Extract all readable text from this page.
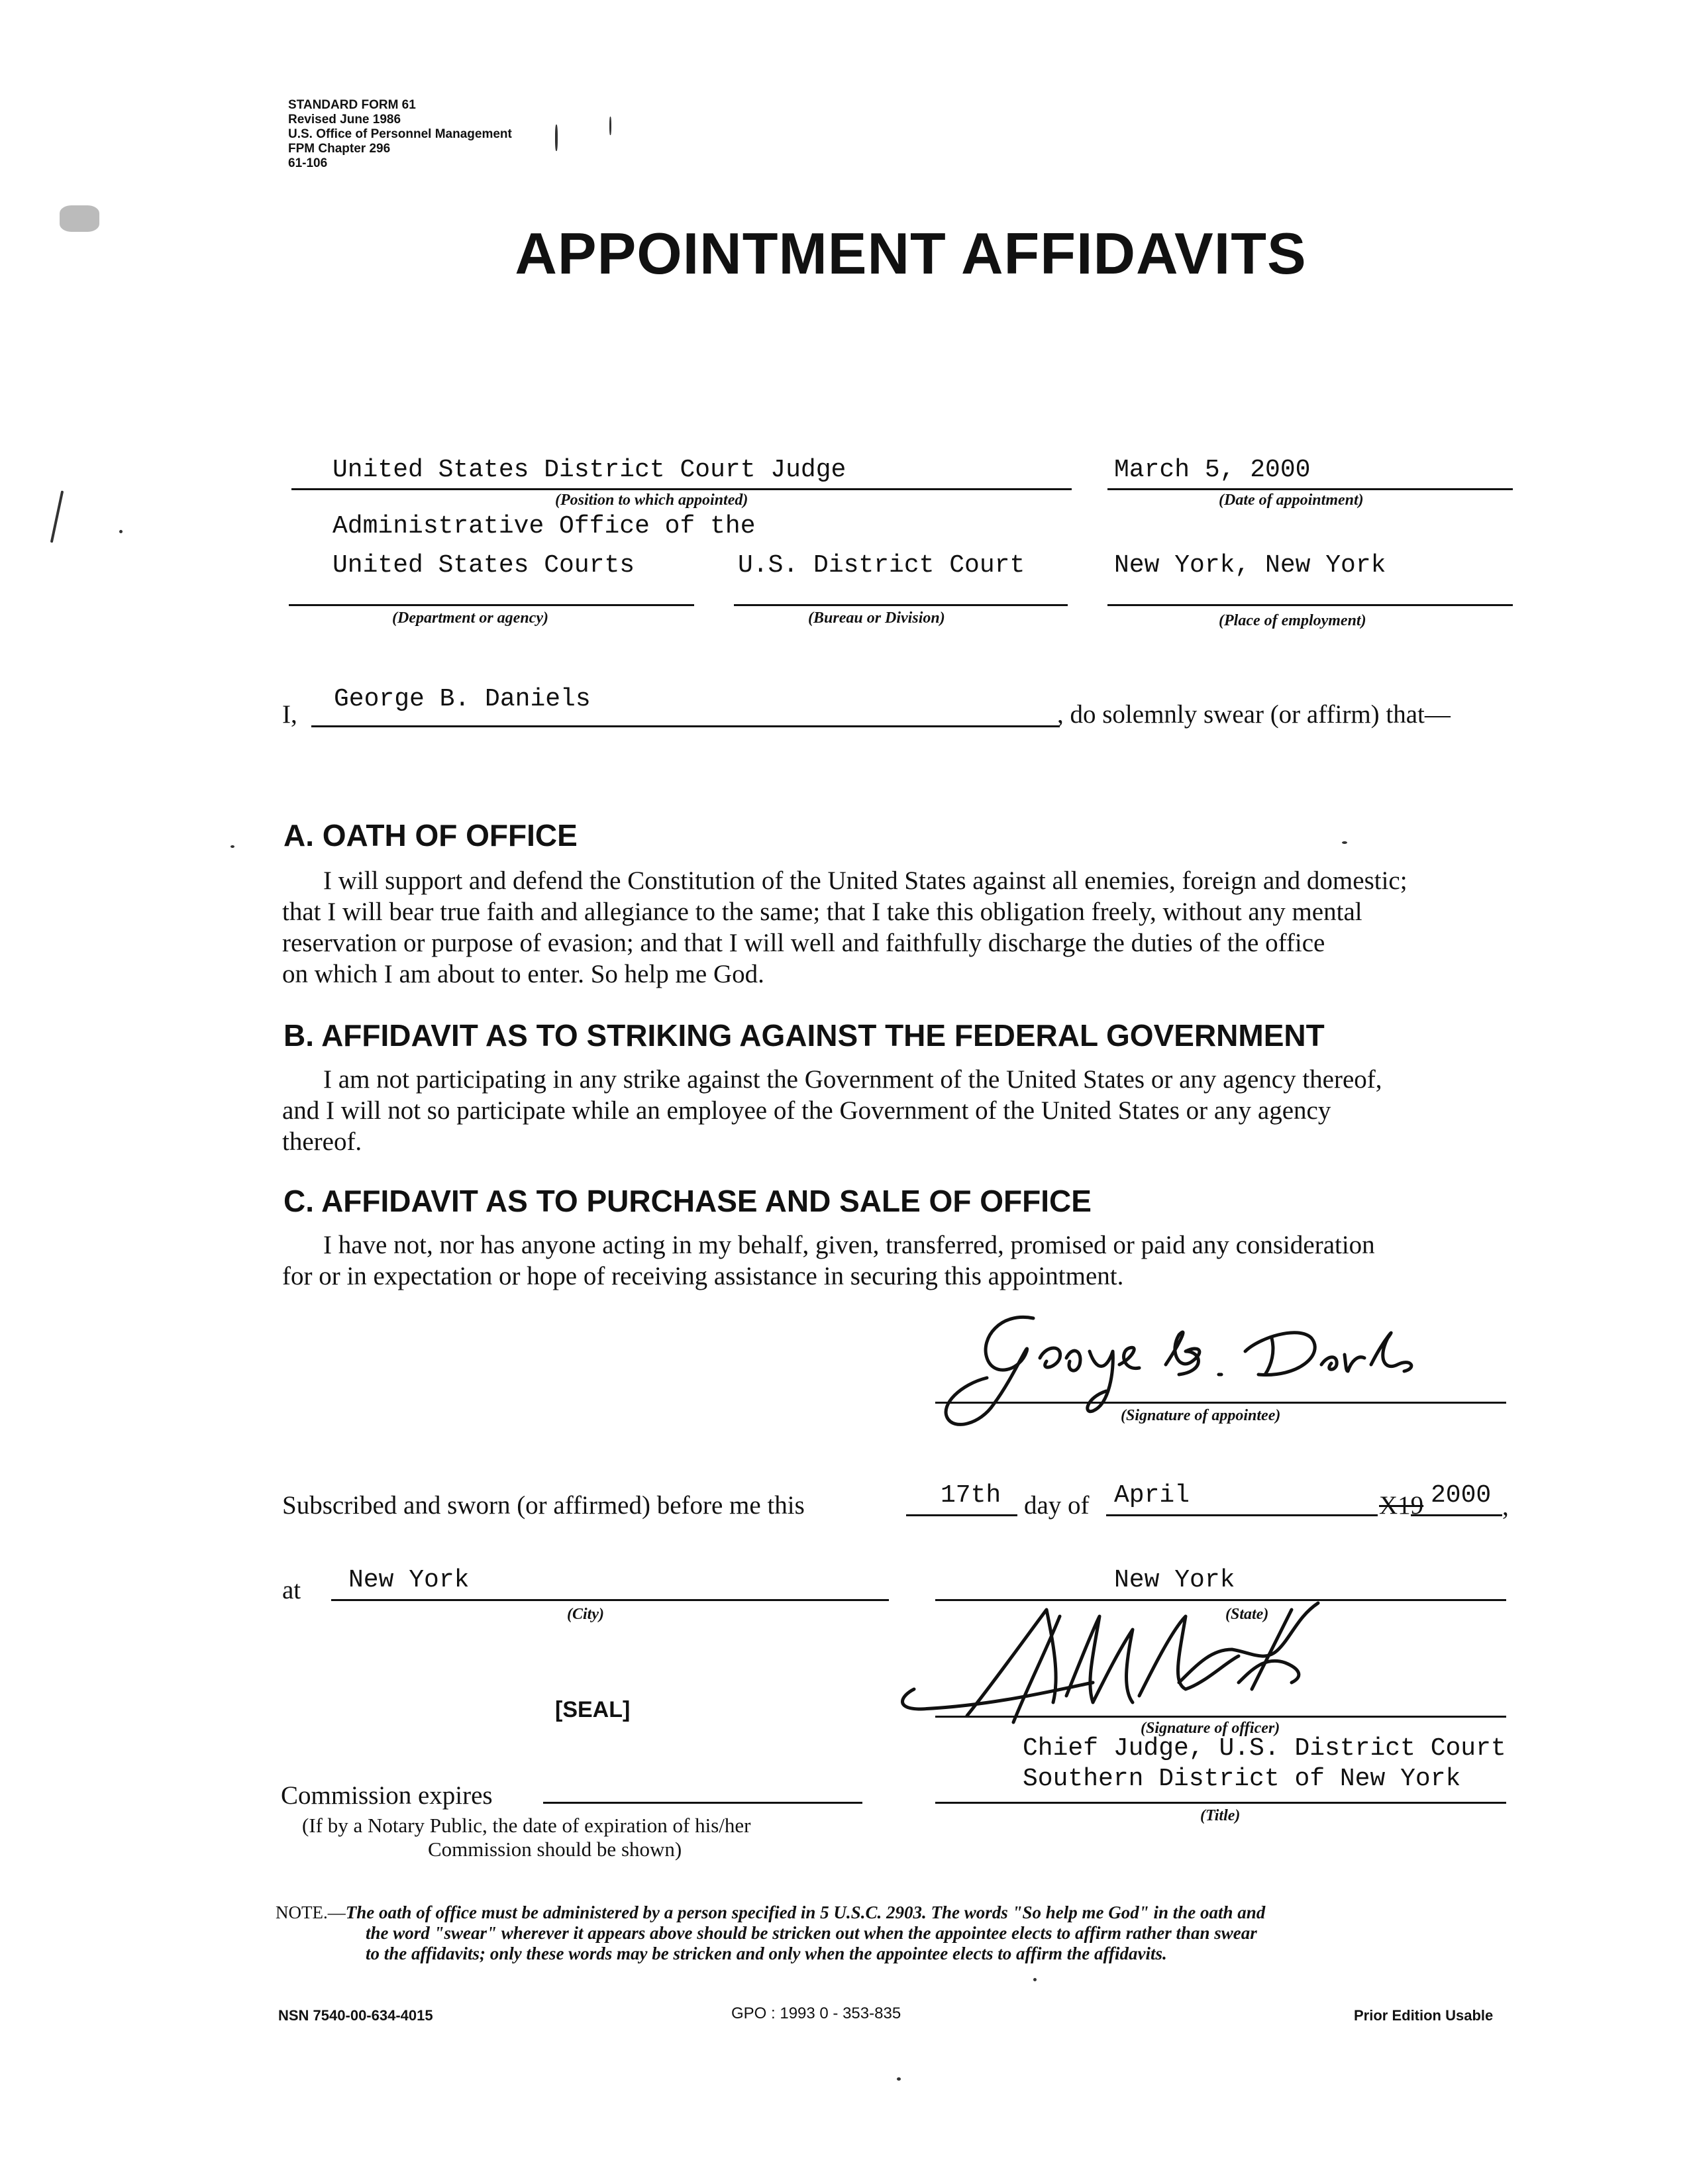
STANDARD FORM 61
Revised June 1986
U.S. Office of Personnel Management
FPM Chapter 296
61-106
APPOINTMENT AFFIDAVITS
United States District Court Judge
(Position to which appointed)
March 5, 2000
(Date of appointment)
Administrative Office of the
United States Courts
(Department or agency)
U.S. District Court
(Bureau or Division)
New York, New York
(Place of employment)
I,
George B. Daniels
, do solemnly swear (or affirm) that—
A. OATH OF OFFICE
I will support and defend the Constitution of the United States against all enemies, foreign and domestic;
that I will bear true faith and allegiance to the same; that I take this obligation freely, without any mental
reservation or purpose of evasion; and that I will well and faithfully discharge the duties of the office
on which I am about to enter. So help me God.
B. AFFIDAVIT AS TO STRIKING AGAINST THE FEDERAL GOVERNMENT
I am not participating in any strike against the Government of the United States or any agency thereof,
and I will not so participate while an employee of the Government of the United States or any agency
thereof.
C. AFFIDAVIT AS TO PURCHASE AND SALE OF OFFICE
I have not, nor has anyone acting in my behalf, given, transferred, promised or paid any consideration
for or in expectation or hope of receiving assistance in securing this appointment.
(Signature of appointee)
Subscribed and sworn (or affirmed) before me this	17th day of April	X19 2000 ,
at New York
(City)
New York
(State)
(Signature of officer)
Chief Judge, U.S. District Court
Southern District of New York
(Title)
[SEAL]
Commission expires
(If by a Notary Public, the date of expiration of his/her
Commission should be shown)
NOTE.—The oath of office must be administered by a person specified in 5 U.S.C. 2903. The words "So help me God" in the oath and
the word "swear" wherever it appears above should be stricken out when the appointee elects to affirm rather than swear
to the affidavits; only these words may be stricken and only when the appointee elects to affirm the affidavits.
NSN 7540-00-634-4015	GPO : 1993 0 - 353-835	Prior Edition Usable
